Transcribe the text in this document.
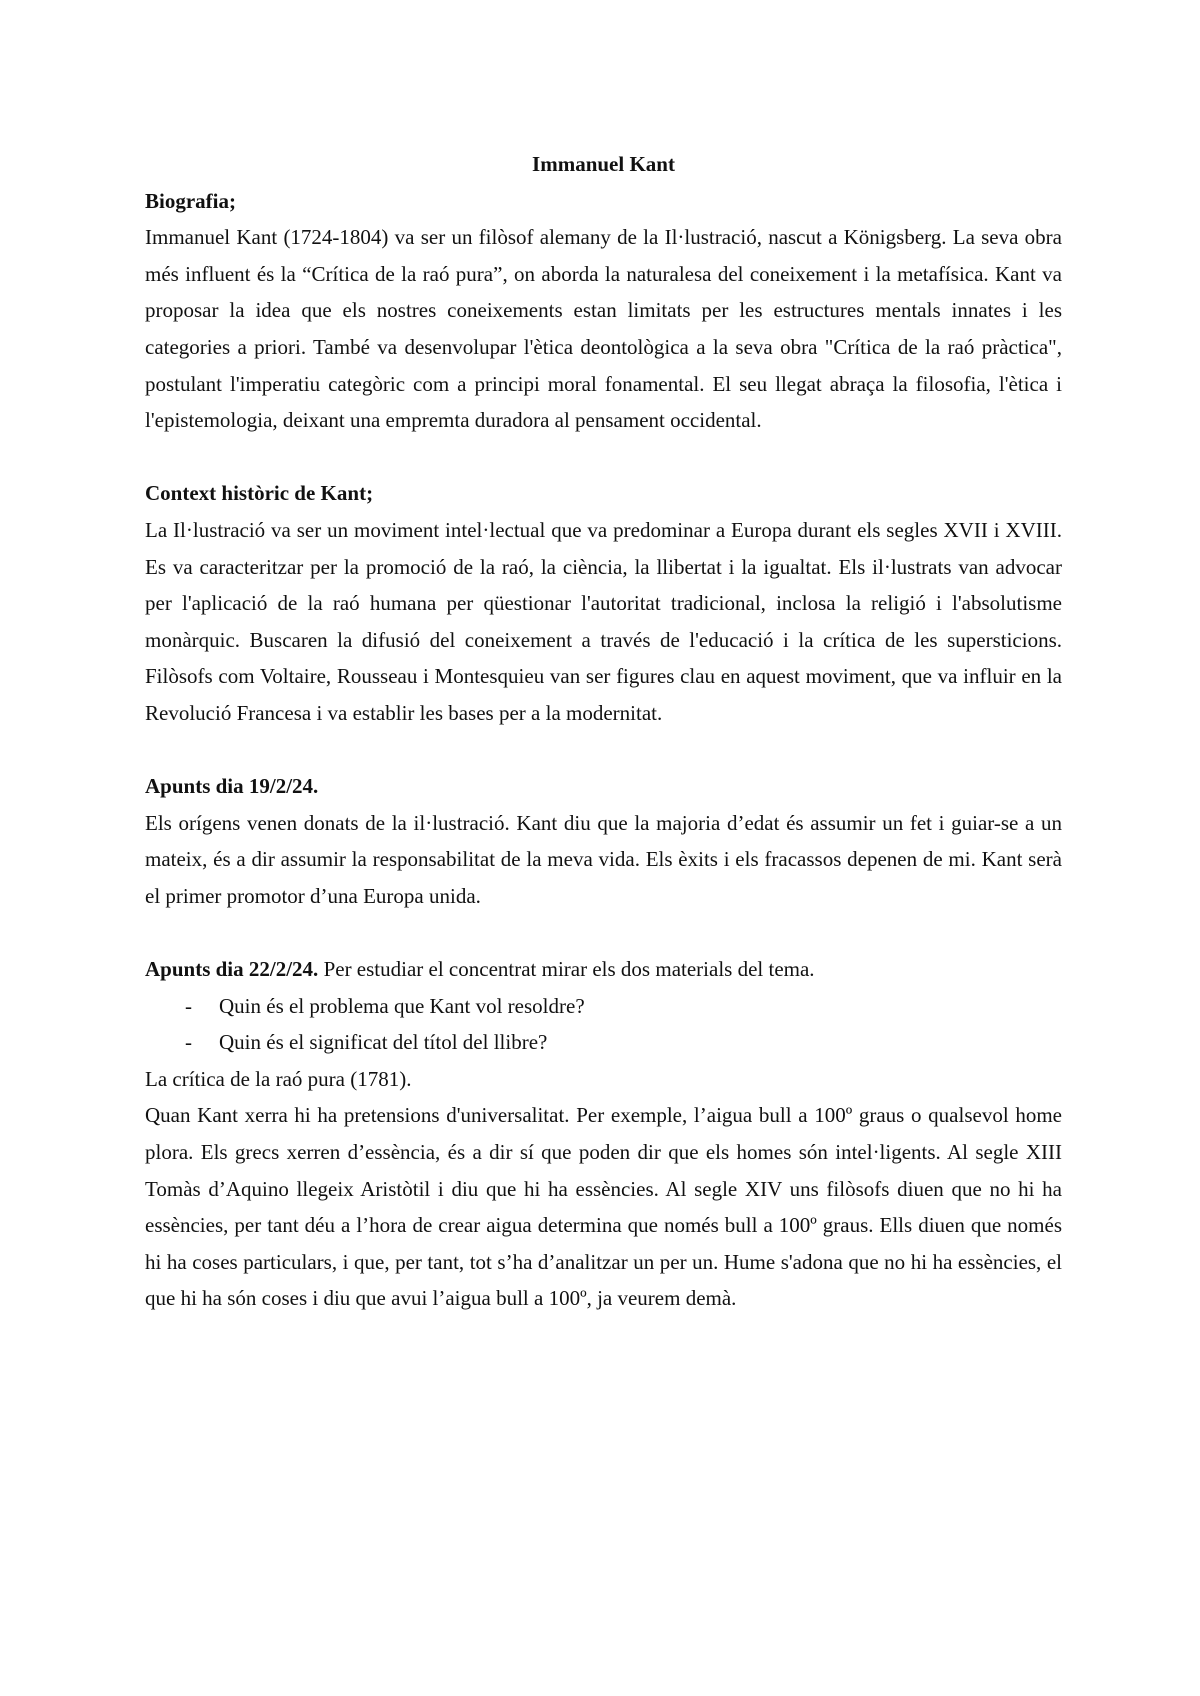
Immanuel Kant

Biografia;

Immanuel Kant (1724-1804) va ser un filòsof alemany de la Il·lustració, nascut a Königsberg. La seva obra més influent és la “Crítica de la raó pura”, on aborda la naturalesa del coneixement i la metafísica. Kant va proposar la idea que els nostres coneixements estan limitats per les estructures mentals innates i les categories a priori. També va desenvolupar l'ètica deontològica a la seva obra "Crítica de la raó pràctica", postulant l'imperatiu categòric com a principi moral fonamental. El seu llegat abraça la filosofia, l'ètica i l'epistemologia, deixant una empremta duradora al pensament occidental.

Context històric de Kant;

La Il·lustració va ser un moviment intel·lectual que va predominar a Europa durant els segles XVII i XVIII. Es va caracteritzar per la promoció de la raó, la ciència, la llibertat i la igualtat. Els il·lustrats van advocar per l'aplicació de la raó humana per qüestionar l'autoritat tradicional, inclosa la religió i l'absolutisme monàrquic. Buscaren la difusió del coneixement a través de l'educació i la crítica de les supersticions. Filòsofs com Voltaire, Rousseau i Montesquieu van ser figures clau en aquest moviment, que va influir en la Revolució Francesa i va establir les bases per a la modernitat.

Apunts dia 19/2/24.

Els orígens venen donats de la il·lustració. Kant diu que la majoria d’edat és assumir un fet i guiar-se a un mateix, és a dir assumir la responsabilitat de la meva vida. Els èxits i els fracassos depenen de mi. Kant serà el primer promotor d’una Europa unida.

Apunts dia 22/2/24. Per estudiar el concentrat mirar els dos materials del tema.

- Quin és el problema que Kant vol resoldre?
- Quin és el significat del títol del llibre?

La crítica de la raó pura (1781).

Quan Kant xerra hi ha pretensions d'universalitat. Per exemple, l’aigua bull a 100º graus o qualsevol home plora. Els grecs xerren d’essència, és a dir sí que poden dir que els homes són intel·ligents. Al segle XIII Tomàs d’Aquino llegeix Aristòtil i diu que hi ha essències. Al segle XIV uns filòsofs diuen que no hi ha essències, per tant déu a l’hora de crear aigua determina que només bull a 100º graus. Ells diuen que només hi ha coses particulars, i que, per tant, tot s’ha d’analitzar un per un. Hume s'adona que no hi ha essències, el que hi ha són coses i diu que avui l’aigua bull a 100º, ja veurem demà.
